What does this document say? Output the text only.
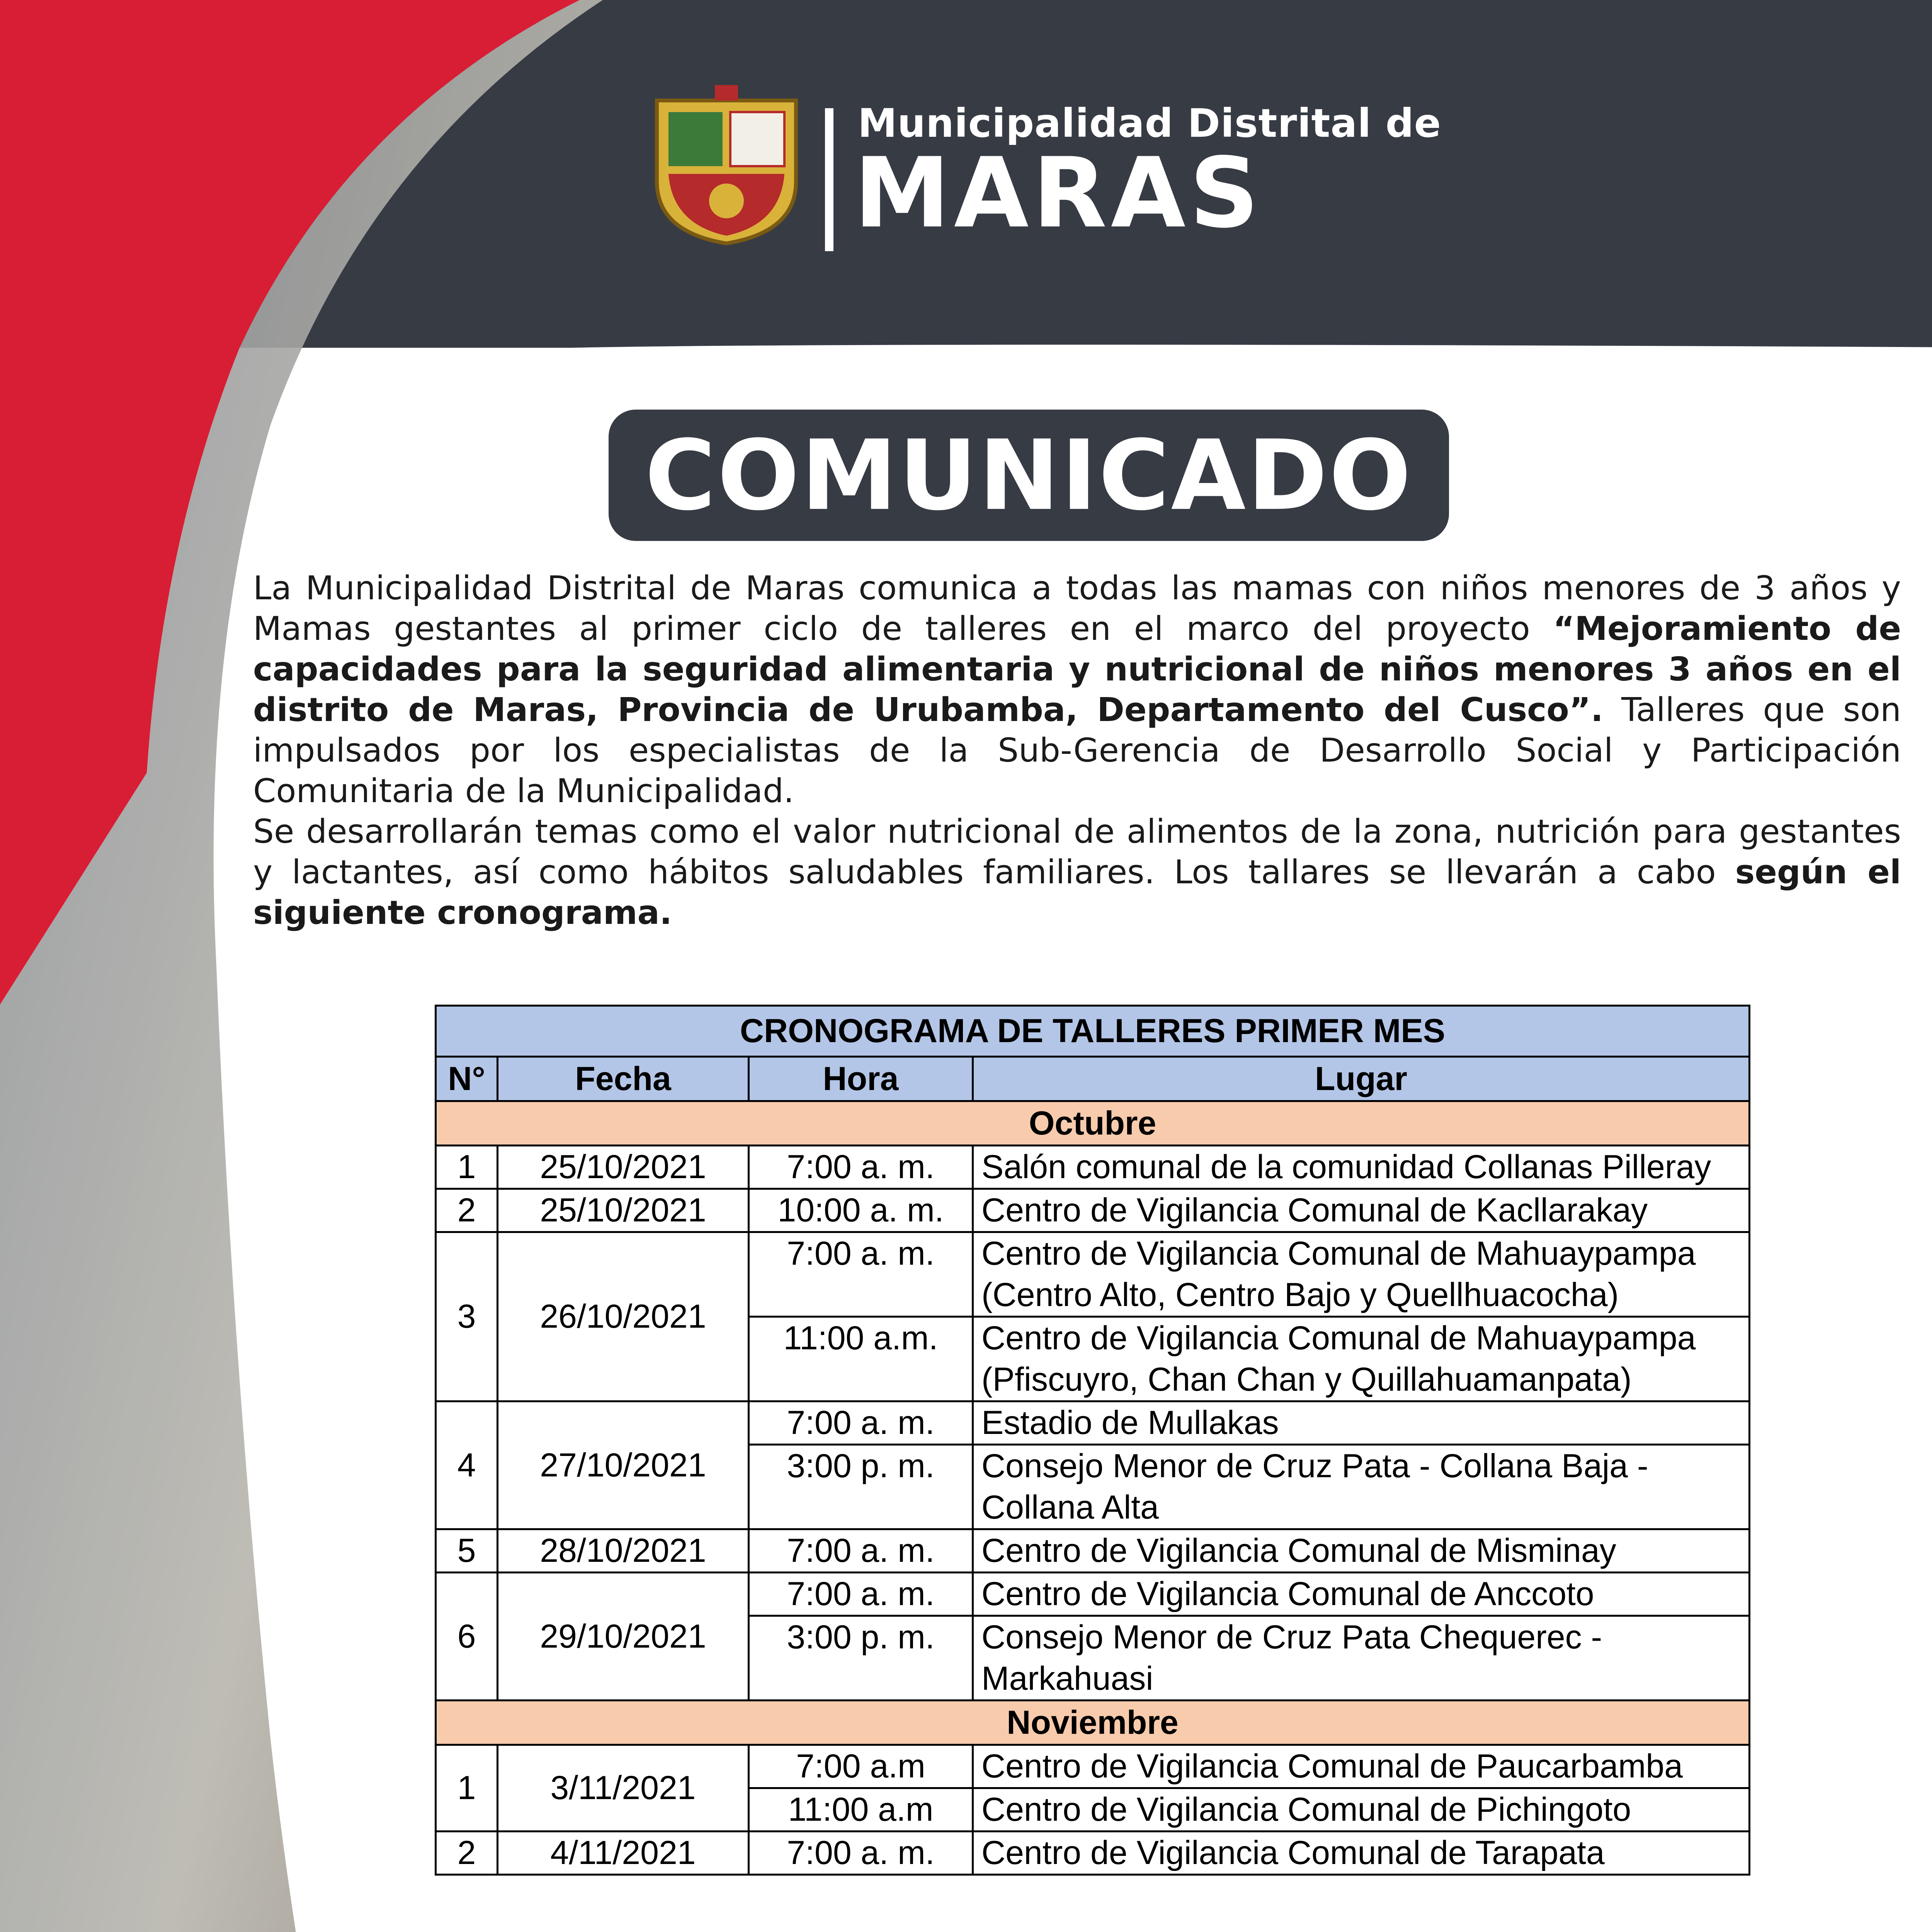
Municipalidad Distrital de
MARAS
COMUNICADO

La Municipalidad Distrital de Maras comunica a todas las mamas con niños menores de 3 años y Mamas gestantes al primer ciclo de talleres en el marco del proyecto “Mejoramiento de capacidades para la seguridad alimentaria y nutricional de niños menores 3 años en el distrito de Maras, Provincia de Urubamba, Departamento del Cusco”. Talleres que son impulsados por los especialistas de la Sub-Gerencia de Desarrollo Social y Participación Comunitaria de la Municipalidad.

Se desarrollarán temas como el valor nutricional de alimentos de la zona, nutrición para gestantes y lactantes, así como hábitos saludables familiares. Los tallares se llevarán a cabo según el siguiente cronograma.

CRONOGRAMA DE TALLERES PRIMER MES			
N°	Fecha	Hora	Lugar
Octubre			
1	25/10/2021	7:00 a. m.	Salón comunal de la comunidad Collanas Pilleray
2	25/10/2021	10:00 a. m.	Centro de Vigilancia Comunal de Kacllarakay
3	26/10/2021	7:00 a. m.	Centro de Vigilancia Comunal de Mahuaypampa (Centro Alto, Centro Bajo y Quellhuacocha)
		11:00 a.m.	Centro de Vigilancia Comunal de Mahuaypampa (Pfiscuyro, Chan Chan y Quillahuamanpata)
4	27/10/2021	7:00 a. m.	Estadio de Mullakas
		3:00 p. m.	Consejo Menor de Cruz Pata - Collana Baja - Collana Alta
5	28/10/2021	7:00 a. m.	Centro de Vigilancia Comunal de Misminay
6	29/10/2021	7:00 a. m.	Centro de Vigilancia Comunal de Anccoto
		3:00 p. m.	Consejo Menor de Cruz Pata Chequerec - Markahuasi
Noviembre			
1	3/11/2021	7:00 a.m	Centro de Vigilancia Comunal de Paucarbamba
		11:00 a.m	Centro de Vigilancia Comunal de Pichingoto
2	4/11/2021	7:00 a. m.	Centro de Vigilancia Comunal de Tarapata
